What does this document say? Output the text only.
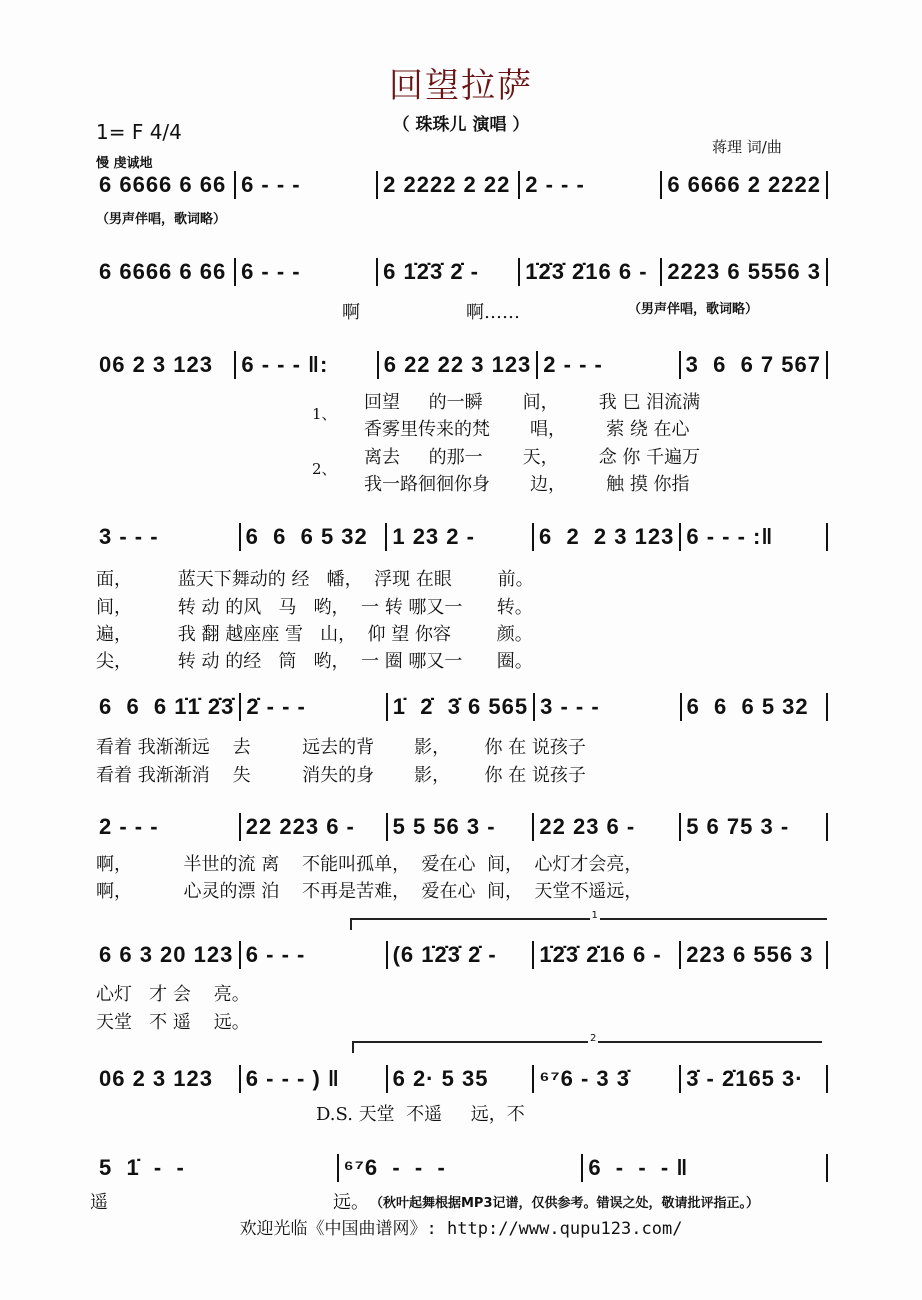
回望拉萨
（ 珠珠儿 演唱 ）
1= F 4/4
慢 虔诚地
蒋理 词/曲
6 6666 6 66 6 - - -	2 2222 2 22 2 - - -	6 6666 2 2222
6 6666 6 66 6 - - -	6 1̇2̇3̇ 2̇ -	1̇2̇3̇ 2̇16 6 - 2223 6 5556 3
06 2 3 123	6 - - - ‖:	6 22 22 3 123 2 - - -	3  6  6 7 567
3 - - -	6  6  6 5 32	1 23 2 -	6  2  2 3 123 6 - - - :‖
6  6  6 1̇1̇ 2̇3̇ 2̇ - - -	1̇  2̇  3̇ 6 565 3 - - -	6  6  6 5 32
2 - - -	22 223 6 -	5 5 56 3 -	22 23 6 -	5 6 75 3 -
6 6 3 20 123 6 - - -	(6 1̇2̇3̇ 2̇ -	1̇2̇3̇ 2̇16 6 -	223 6 556 3
06 2 3 123	6 - - - ) ‖	6 2· 5 35	⁶⁷6 - 3 3̇	3̇ - 2̇165 3·
5  1̇  -  -	⁶⁷6  -  -  -	6  -  -  - ‖
（男声伴唱，歌词略）
啊	啊……	（男声伴唱，歌词略）
1、
2、
回望     的一瞬       间，       我 巳 泪流满
香雾里传来的梵       唱，       萦 绕 在心
离去     的那一       天，       念 你 千遍万
我一路徊徊你身       边，       触 摸 你指
面，        蓝天下舞动的 经   幡，  浮现 在眼        前。
间，        转 动 的风   马   哟，  一 转 哪又一      转。
遍，        我 翻 越座座 雪   山，  仰 望 你容        颜。
尖，        转 动 的经   筒   哟，  一 圈 哪又一      圈。
看着 我渐渐远    去         远去的背       影，      你 在 说孩子
看着 我渐渐消    失         消失的身       影，      你 在 说孩子
啊，         半世的流 离    不能叫孤单，  爱在心  间，  心灯才会亮，
啊，         心灵的漂 泊    不再是苦难，  爱在心  间，  天堂不遥远，
1
心灯   才 会    亮。
天堂   不 遥    远。
2
D.S. 天堂  不遥     远，不
遥	远。 （秋叶起舞根据MP3记谱，仅供参考。错误之处，敬请批评指正。）
欢迎光临《中国曲谱网》: http://www.qupu123.com/
